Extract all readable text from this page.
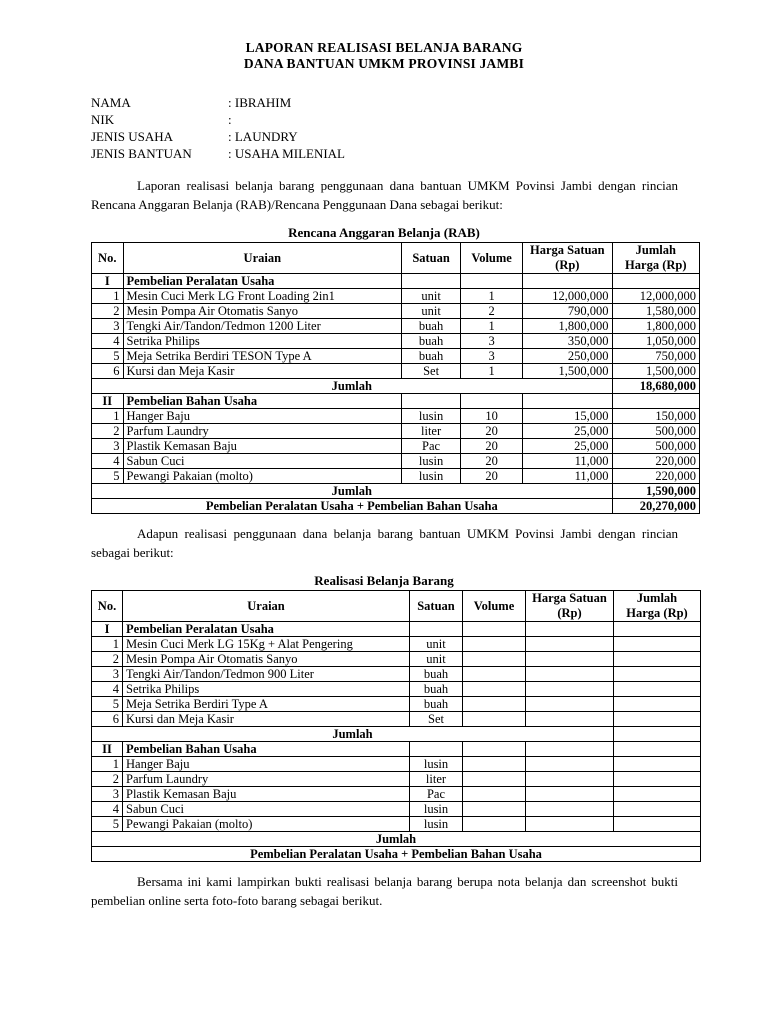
LAPORAN REALISASI BELANJA BARANG
DANA BANTUAN UMKM PROVINSI JAMBI
NAMA	: IBRAHIM
NIK	:
JENIS USAHA	: LAUNDRY
JENIS BANTUAN	: USAHA MILENIAL
Laporan realisasi belanja barang penggunaan dana bantuan UMKM Povinsi Jambi dengan rincian Rencana Anggaran Belanja (RAB)/Rencana Penggunaan Dana sebagai berikut:
Rencana Anggaran Belanja (RAB)
No.	Uraian	Satuan	Volume	Harga Satuan
(Rp)	Jumlah
Harga (Rp)
I	Pembelian Peralatan Usaha				
1	Mesin Cuci Merk LG Front Loading 2in1	unit	1	12,000,000	12,000,000
2	Mesin Pompa Air Otomatis Sanyo	unit	2	790,000	1,580,000
3	Tengki Air/Tandon/Tedmon 1200 Liter	buah	1	1,800,000	1,800,000
4	Setrika Philips	buah	3	350,000	1,050,000
5	Meja Setrika Berdiri TESON Type A	buah	3	250,000	750,000
6	Kursi dan Meja Kasir	Set	1	1,500,000	1,500,000
Jumlah					18,680,000
II	Pembelian Bahan Usaha				
1	Hanger Baju	lusin	10	15,000	150,000
2	Parfum Laundry	liter	20	25,000	500,000
3	Plastik Kemasan Baju	Pac	20	25,000	500,000
4	Sabun Cuci	lusin	20	11,000	220,000
5	Pewangi Pakaian (molto)	lusin	20	11,000	220,000
Jumlah					1,590,000
Pembelian Peralatan Usaha + Pembelian Bahan Usaha					20,270,000
Adapun realisasi penggunaan dana belanja barang bantuan UMKM Povinsi Jambi dengan rincian sebagai berikut:
Realisasi Belanja Barang
No.	Uraian	Satuan	Volume	Harga Satuan
(Rp)	Jumlah
Harga (Rp)
I	Pembelian Peralatan Usaha				
1	Mesin Cuci Merk LG 15Kg + Alat Pengering	unit			
2	Mesin Pompa Air Otomatis Sanyo	unit			
3	Tengki Air/Tandon/Tedmon 900 Liter	buah			
4	Setrika Philips	buah			
5	Meja Setrika Berdiri Type A	buah			
6	Kursi dan Meja Kasir	Set			
Jumlah					
II	Pembelian Bahan Usaha				
1	Hanger Baju	lusin			
2	Parfum Laundry	liter			
3	Plastik Kemasan Baju	Pac			
4	Sabun Cuci	lusin			
5	Pewangi Pakaian (molto)	lusin			
Jumlah					
Pembelian Peralatan Usaha + Pembelian Bahan Usaha					
Bersama ini kami lampirkan bukti realisasi belanja barang berupa nota belanja dan screenshot bukti pembelian online serta foto-foto barang sebagai berikut.
